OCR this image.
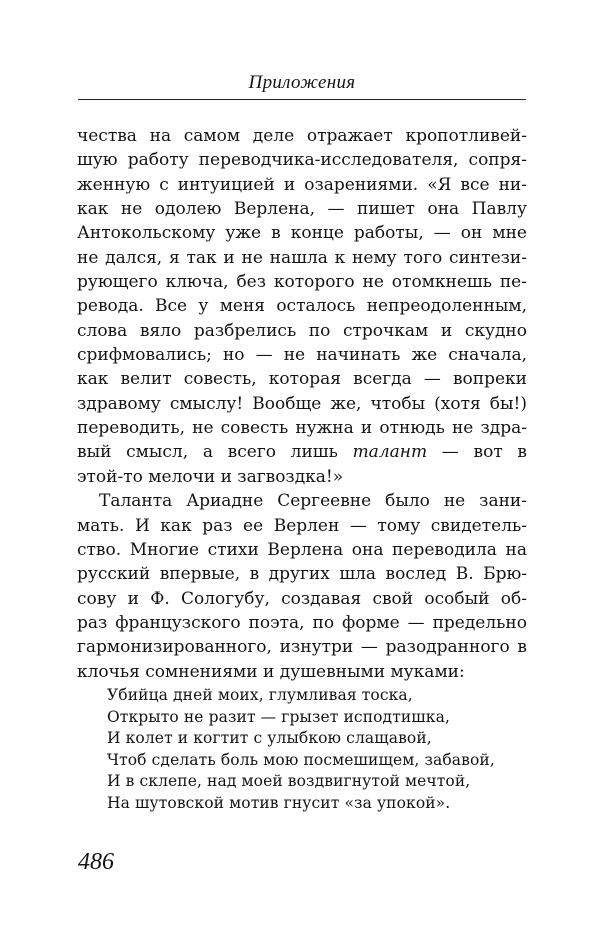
Приложения
чества на самом деле отражает кропотливей-
шую работу переводчика-исследователя, сопря-
женную с интуицией и озарениями. «Я все ни-
как не одолею Верлена, — пишет она Павлу
Антокольскому уже в конце работы, — он мне
не дался, я так и не нашла к нему того синтези-
рующего ключа, без которого не отомкнешь пе-
ревода. Все у меня осталось непреодоленным,
слова вяло разбрелись по строчкам и скудно
срифмовались; но — не начинать же сначала,
как велит совесть, которая всегда — вопреки
здравому смыслу! Вообще же, чтобы (хотя бы!)
переводить, не совесть нужна и отнюдь не здра-
вый смысл, а всего лишь талант — вот в
этой-то мелочи и загвоздка!»
Таланта Ариадне Сергеевне было не зани-
мать. И как раз ее Верлен — тому свидетель-
ство. Многие стихи Верлена она переводила на
русский впервые, в других шла вослед В. Брю-
сову и Ф. Сологубу, создавая свой особый об-
раз французского поэта, по форме — предельно
гармонизированного, изнутри — разодранного в
клочья сомнениями и душевными муками:
Убийца дней моих, глумливая тоска,
Открыто не разит — грызет исподтишка,
И колет и когтит с улыбкою слащавой,
Чтоб сделать боль мою посмешищем, забавой,
И в склепе, над моей воздвигнутой мечтой,
На шутовской мотив гнусит «за упокой».
486
